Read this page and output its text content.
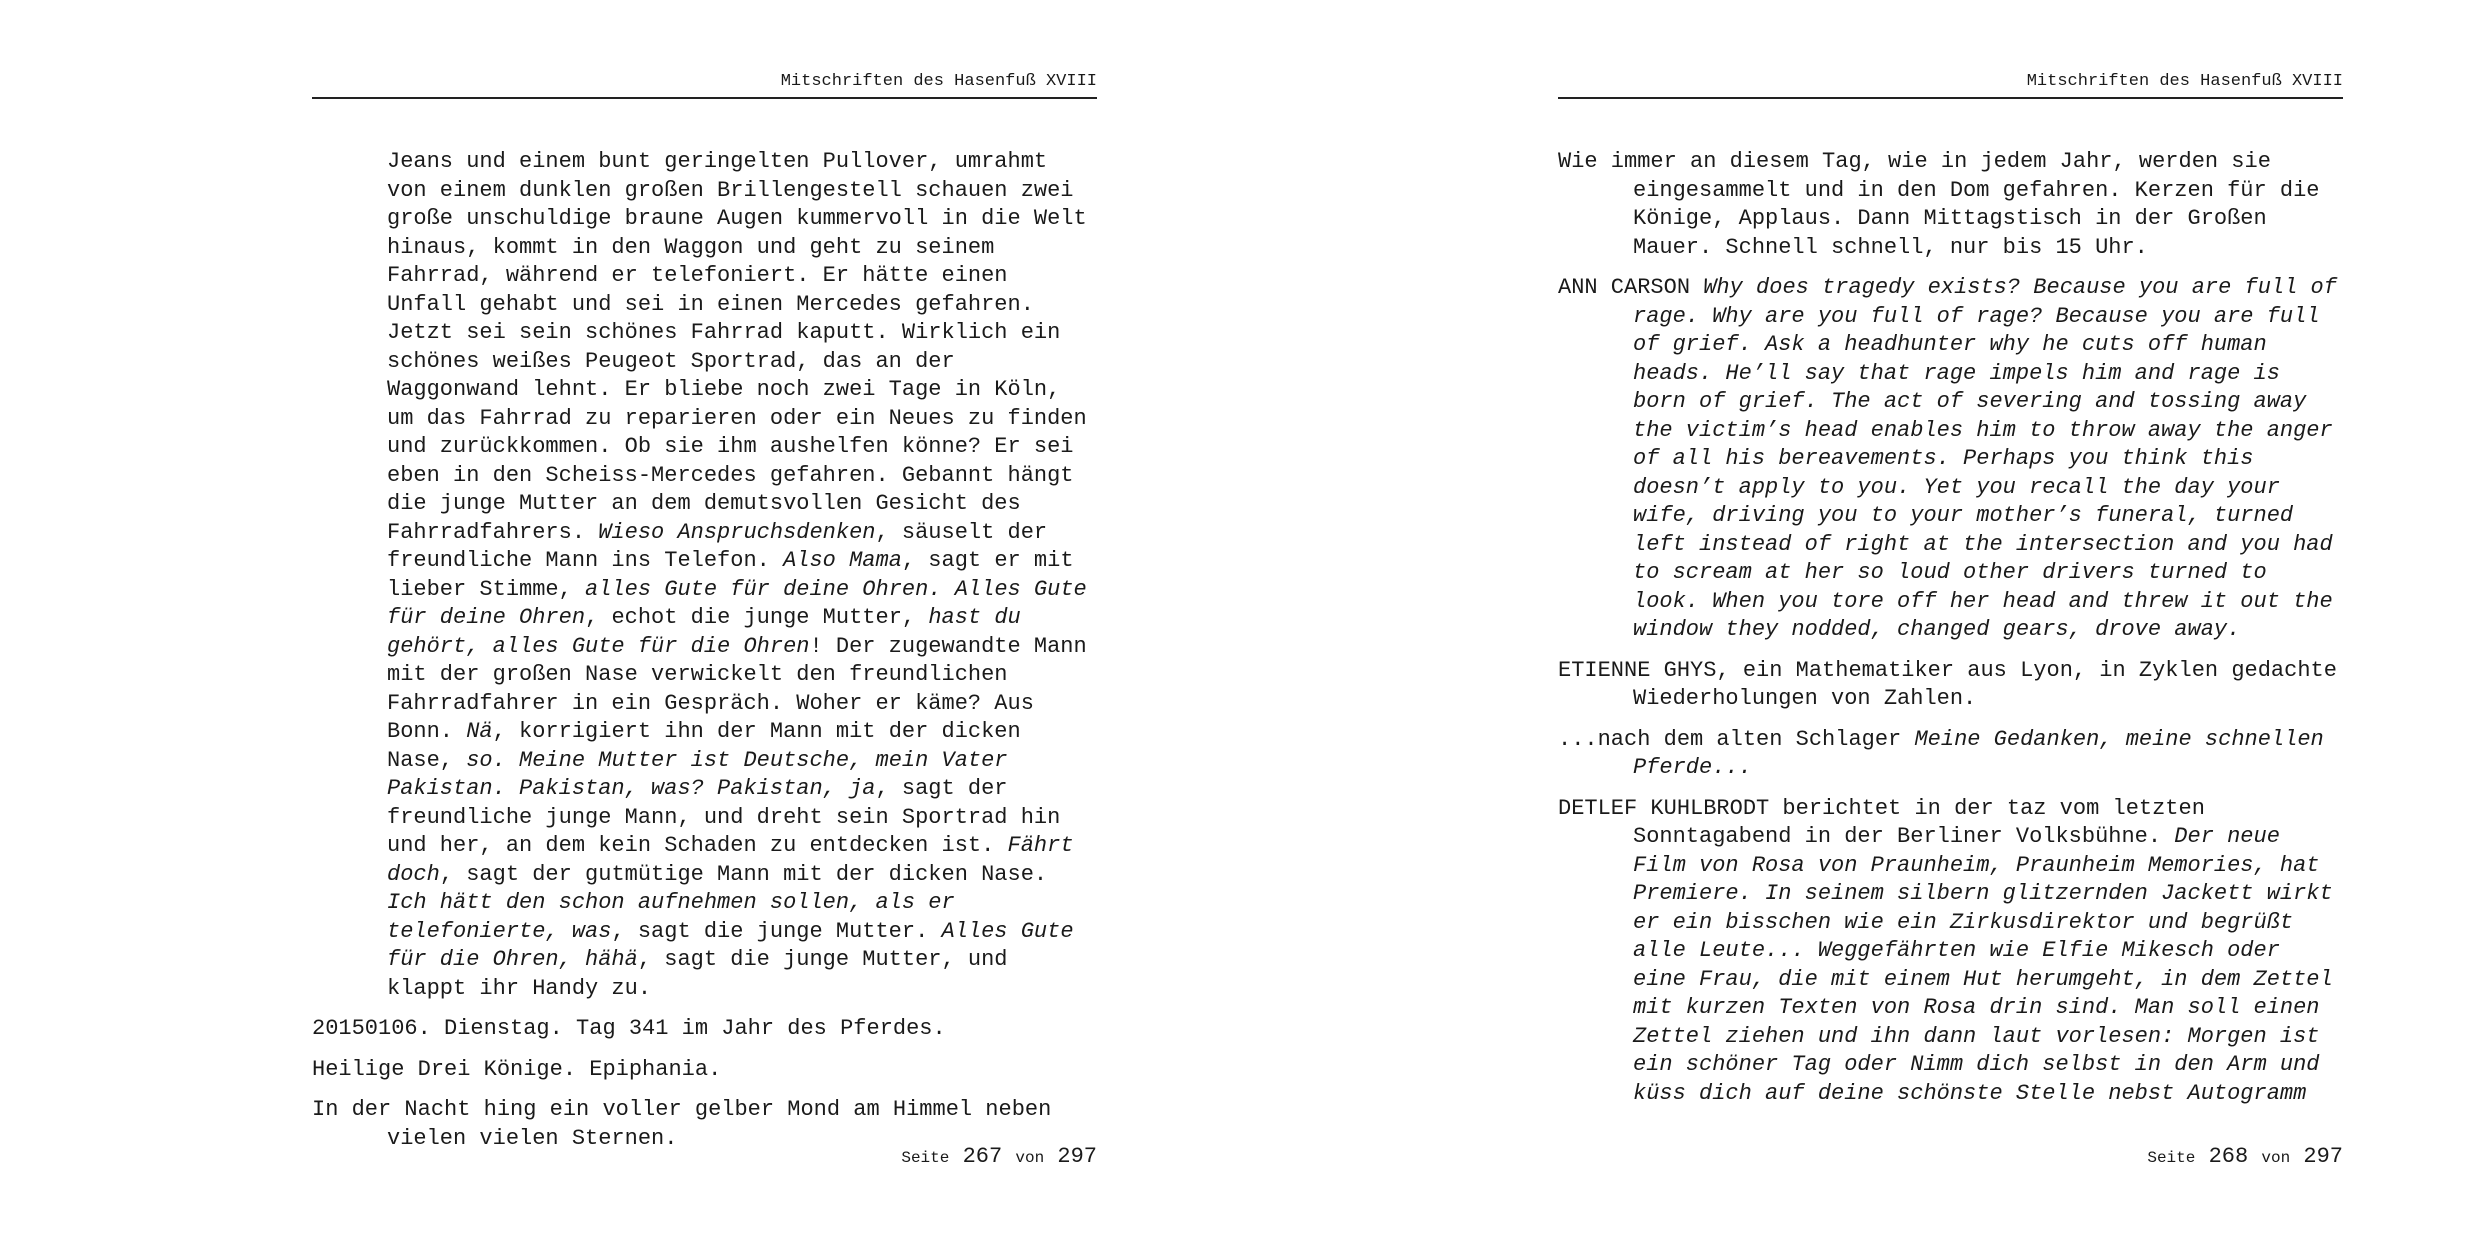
Mitschriften des Hasenfuß XVIII

Jeans und einem bunt geringelten Pullover, umrahmt von einem dunklen großen Brillengestell schauen zwei große unschuldige braune Augen kummervoll in die Welt hinaus, kommt in den Waggon und geht zu seinem Fahrrad, während er telefoniert. Er hätte einen Unfall gehabt und sei in einen Mercedes gefahren. Jetzt sei sein schönes Fahrrad kaputt. Wirklich ein schönes weißes Peugeot Sportrad, das an der Waggonwand lehnt. Er bliebe noch zwei Tage in Köln, um das Fahrrad zu reparieren oder ein Neues zu finden und zurückkommen. Ob sie ihm aushelfen könne? Er sei eben in den Scheiss-Mercedes gefahren. Gebannt hängt die junge Mutter an dem demutsvollen Gesicht des Fahrradfahrers. Wieso Anspruchsdenken, säuselt der freundliche Mann ins Telefon. Also Mama, sagt er mit lieber Stimme, alles Gute für deine Ohren. Alles Gute für deine Ohren, echot die junge Mutter, hast du gehört, alles Gute für die Ohren! Der zugewandte Mann mit der großen Nase verwickelt den freundlichen Fahrradfahrer in ein Gespräch. Woher er käme? Aus Bonn. Nä, korrigiert ihn der Mann mit der dicken Nase, so. Meine Mutter ist Deutsche, mein Vater Pakistan. Pakistan, was? Pakistan, ja, sagt der freundliche junge Mann, und dreht sein Sportrad hin und her, an dem kein Schaden zu entdecken ist. Fährt doch, sagt der gutmütige Mann mit der dicken Nase. Ich hätt den schon aufnehmen sollen, als er telefonierte, was, sagt die junge Mutter. Alles Gute für die Ohren, hähä, sagt die junge Mutter, und klappt ihr Handy zu.

20150106. Dienstag. Tag 341 im Jahr des Pferdes.

Heilige Drei Könige. Epiphania.

In der Nacht hing ein voller gelber Mond am Himmel neben vielen vielen Sternen.

Seite 267 von 297
Mitschriften des Hasenfuß XVIII

Wie immer an diesem Tag, wie in jedem Jahr, werden sie eingesammelt und in den Dom gefahren. Kerzen für die Könige, Applaus. Dann Mittagstisch in der Großen Mauer. Schnell schnell, nur bis 15 Uhr.

ANN CARSON Why does tragedy exists? Because you are full of rage. Why are you full of rage? Because you are full of grief. Ask a headhunter why he cuts off human heads. He’ll say that rage impels him and rage is born of grief. The act of severing and tossing away the victim’s head enables him to throw away the anger of all his bereavements. Perhaps you think this doesn’t apply to you. Yet you recall the day your wife, driving you to your mother’s funeral, turned left instead of right at the intersection and you had to scream at her so loud other drivers turned to look. When you tore off her head and threw it out the window they nodded, changed gears, drove away.

ETIENNE GHYS, ein Mathematiker aus Lyon, in Zyklen gedachte Wiederholungen von Zahlen.

...nach dem alten Schlager Meine Gedanken, meine schnellen Pferde...

DETLEF KUHLBRODT berichtet in der taz vom letzten Sonntagabend in der Berliner Volksbühne. Der neue Film von Rosa von Praunheim, Praunheim Memories, hat Premiere. In seinem silbern glitzernden Jackett wirkt er ein bisschen wie ein Zirkusdirektor und begrüßt alle Leute... Weggefährten wie Elfie Mikesch oder eine Frau, die mit einem Hut herumgeht, in dem Zettel mit kurzen Texten von Rosa drin sind. Man soll einen Zettel ziehen und ihn dann laut vorlesen: Morgen ist ein schöner Tag oder Nimm dich selbst in den Arm und küss dich auf deine schönste Stelle nebst Autogramm

Seite 268 von 297
